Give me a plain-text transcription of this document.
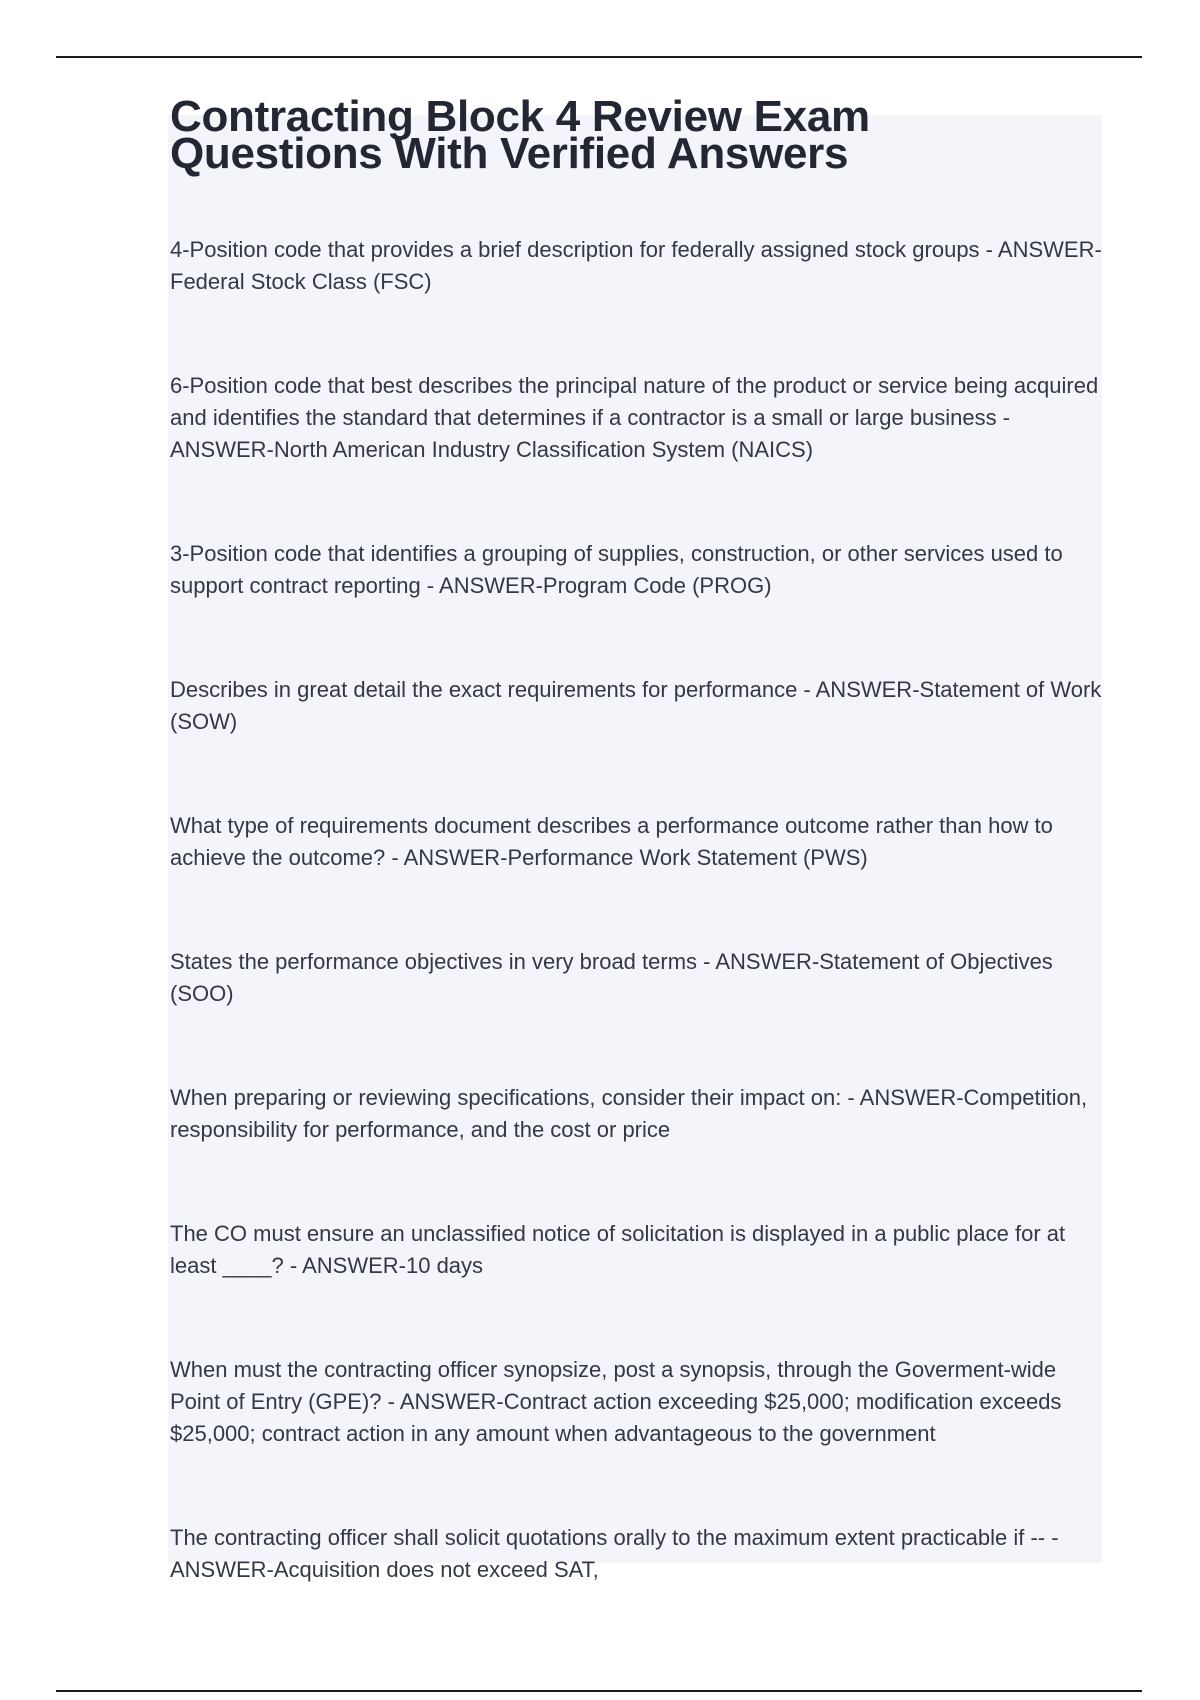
Contracting Block 4 Review Exam Questions With Verified Answers
4-Position code that provides a brief description for federally assigned stock groups - ANSWER-Federal Stock Class (FSC)
6-Position code that best describes the principal nature of the product or service being acquired and identifies the standard that determines if a contractor is a small or large business - ANSWER-North American Industry Classification System (NAICS)
3-Position code that identifies a grouping of supplies, construction, or other services used to support contract reporting - ANSWER-Program Code (PROG)
Describes in great detail the exact requirements for performance - ANSWER-Statement of Work (SOW)
What type of requirements document describes a performance outcome rather than how to achieve the outcome? - ANSWER-Performance Work Statement (PWS)
States the performance objectives in very broad terms - ANSWER-Statement of Objectives (SOO)
When preparing or reviewing specifications, consider their impact on: - ANSWER-Competition, responsibility for performance, and the cost or price
The CO must ensure an unclassified notice of solicitation is displayed in a public place for at least ____? - ANSWER-10 days
When must the contracting officer synopsize, post a synopsis, through the Goverment-wide Point of Entry (GPE)? - ANSWER-Contract action exceeding $25,000; modification exceeds $25,000; contract action in any amount when advantageous to the government
The contracting officer shall solicit quotations orally to the maximum extent practicable if -- - ANSWER-Acquisition does not exceed SAT,
